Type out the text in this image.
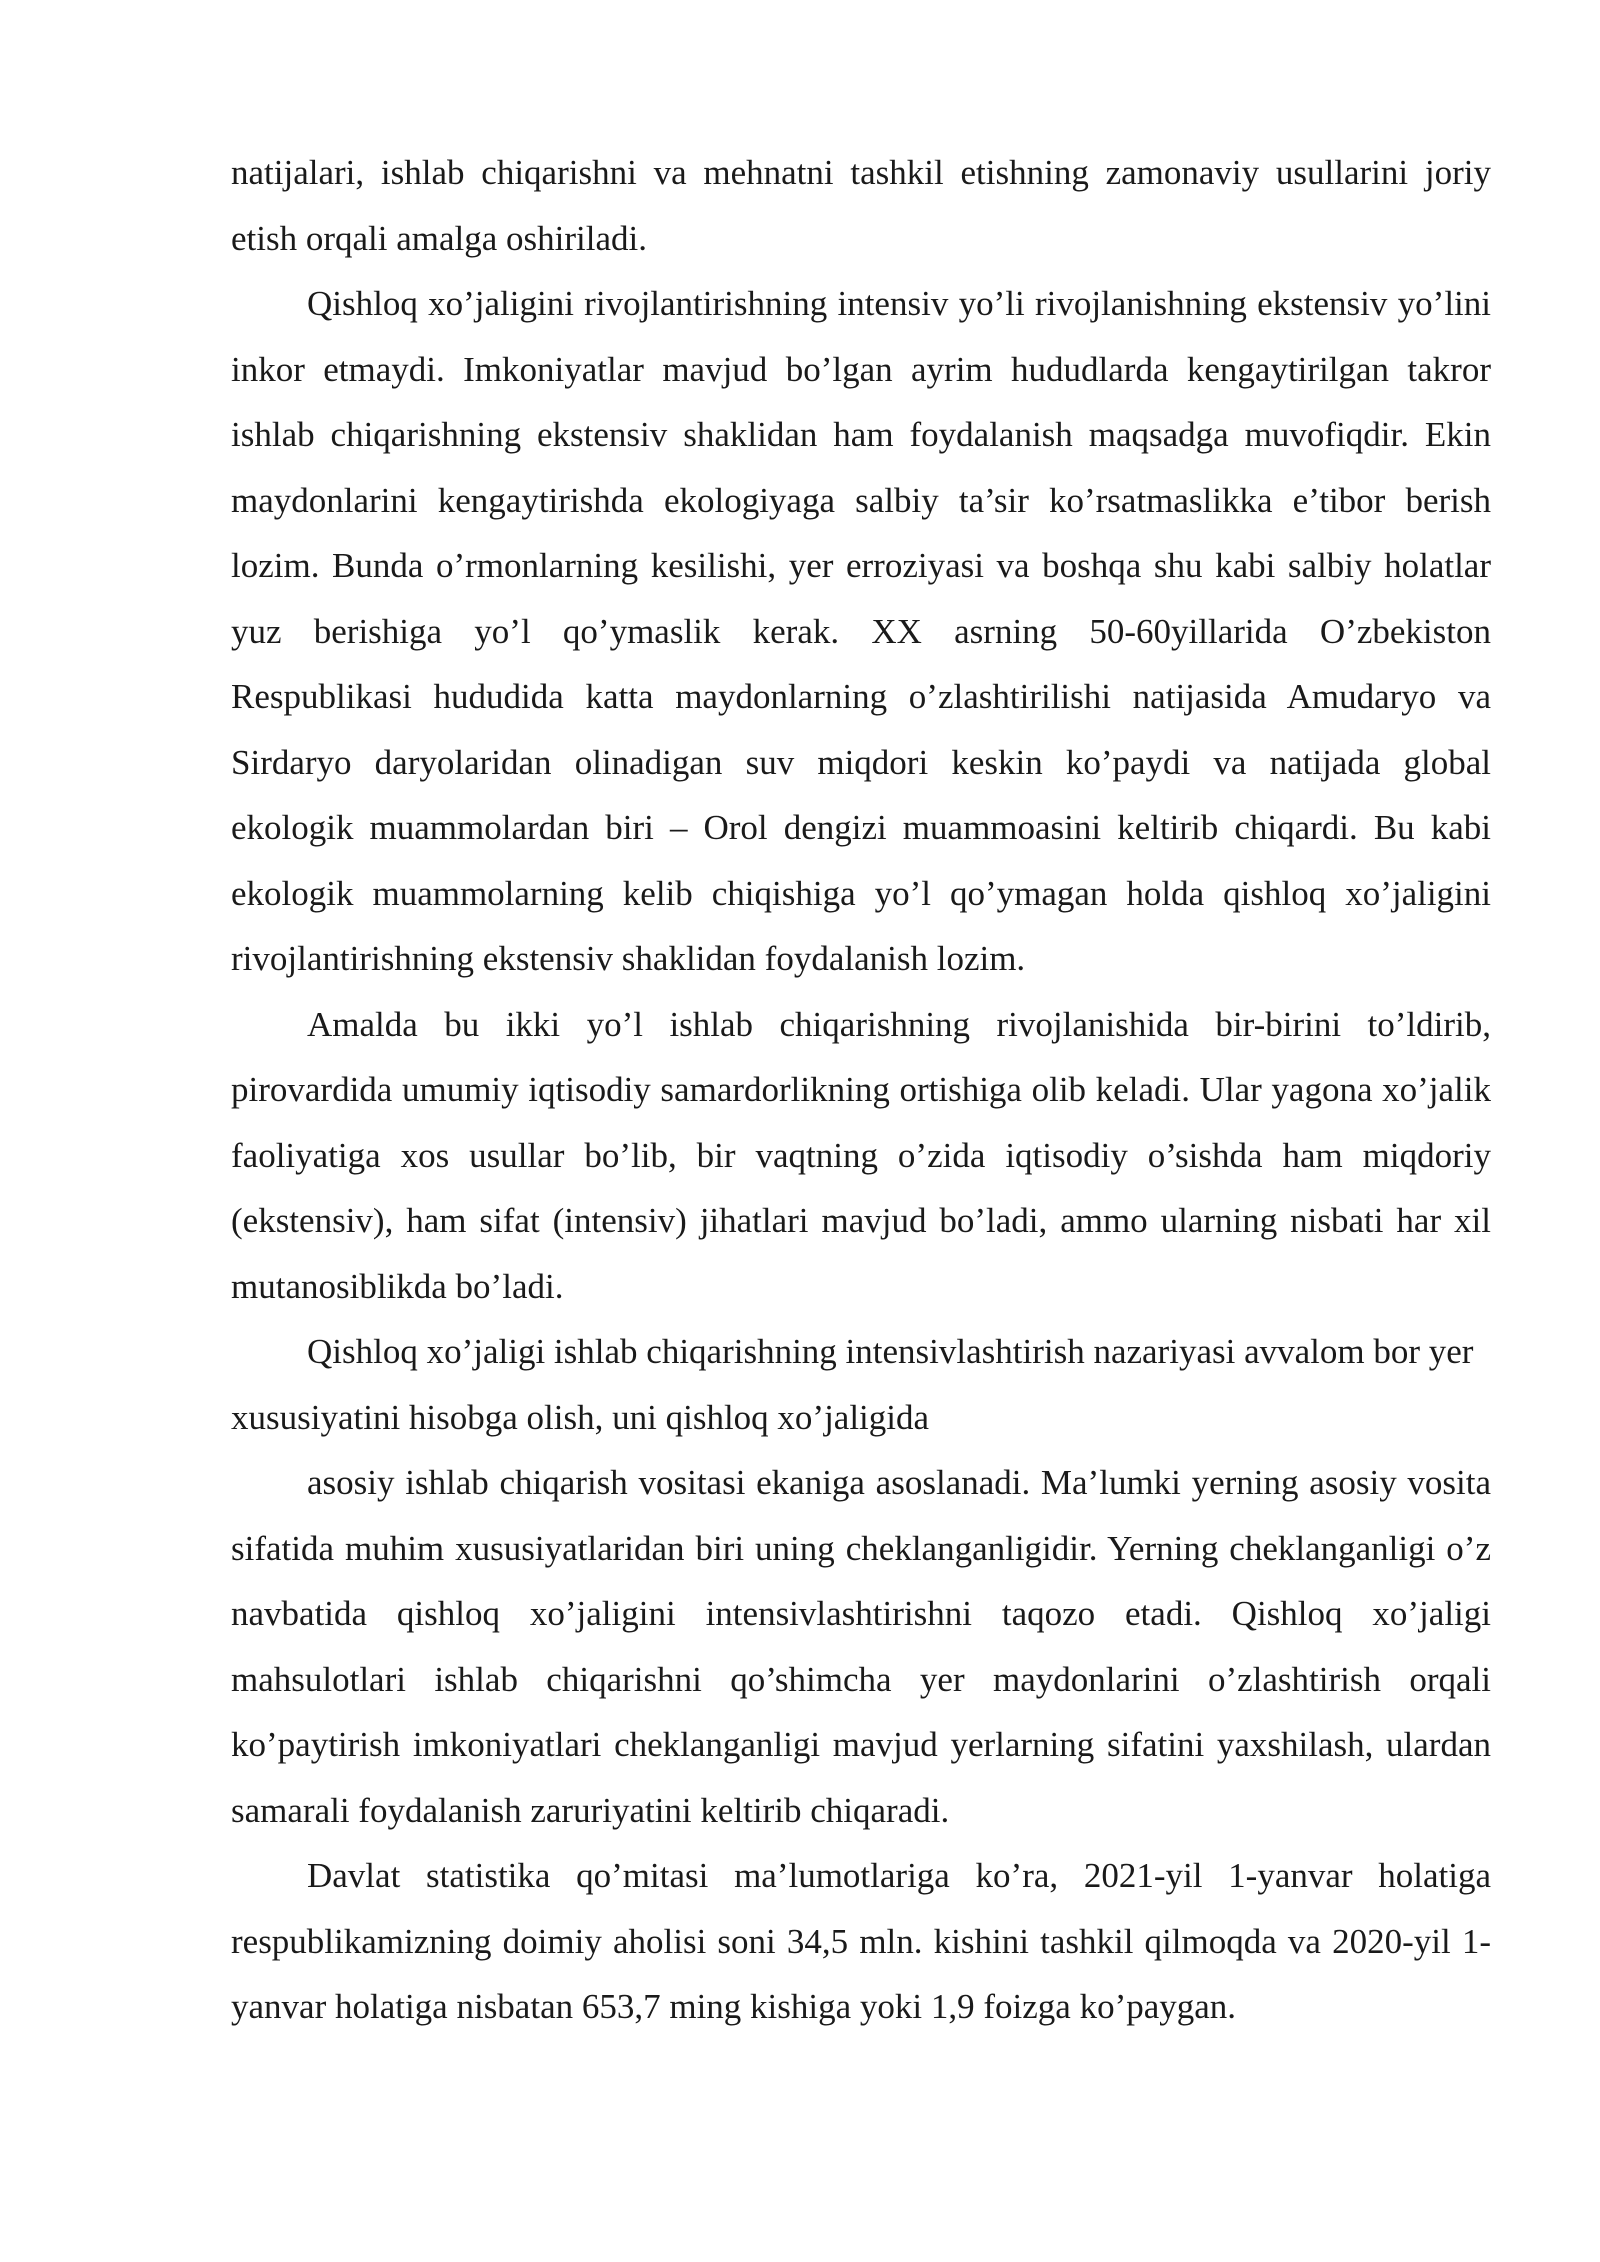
natijalari, ishlab chiqarishni va mehnatni tashkil etishning zamonaviy usullarini joriy etish orqali amalga oshiriladi.

Qishloq xo’jaligini rivojlantirishning intensiv yo’li rivojlanishning ekstensiv yo’lini inkor etmaydi. Imkoniyatlar mavjud bo’lgan ayrim hududlarda kengaytirilgan takror ishlab chiqarishning ekstensiv shaklidan ham foydalanish maqsadga muvofiqdir. Ekin maydonlarini kengaytirishda ekologiyaga salbiy ta’sir ko’rsatmaslikka e’tibor berish lozim. Bunda o’rmonlarning kesilishi, yer erroziyasi va boshqa shu kabi salbiy holatlar yuz berishiga yo’l qo’ymaslik kerak. XX asrning 50-60yillarida O’zbekiston Respublikasi hududida katta maydonlarning o’zlashtirilishi natijasida Amudaryo va Sirdaryo daryolaridan olinadigan suv miqdori keskin ko’paydi va natijada global ekologik muammolardan biri – Orol dengizi muammoasini keltirib chiqardi. Bu kabi ekologik muammolarning kelib chiqishiga yo’l qo’ymagan holda qishloq xo’jaligini rivojlantirishning ekstensiv shaklidan foydalanish lozim.

Amalda bu ikki yo’l ishlab chiqarishning rivojlanishida bir-birini to’ldirib, pirovardida umumiy iqtisodiy samardorlikning ortishiga olib keladi. Ular yagona xo’jalik faoliyatiga xos usullar bo’lib, bir vaqtning o’zida iqtisodiy o’sishda ham miqdoriy (ekstensiv), ham sifat (intensiv) jihatlari mavjud bo’ladi, ammo ularning nisbati har xil mutanosiblikda bo’ladi.

Qishloq xo’jaligi ishlab chiqarishning intensivlashtirish nazariyasi avvalom bor yer xususiyatini hisobga olish, uni qishloq xo’jaligida

asosiy ishlab chiqarish vositasi ekaniga asoslanadi. Ma’lumki yerning asosiy vosita sifatida muhim xususiyatlaridan biri uning cheklanganligidir. Yerning cheklanganligi o’z navbatida qishloq xo’jaligini intensivlashtirishni taqozo etadi. Qishloq xo’jaligi mahsulotlari ishlab chiqarishni qo’shimcha yer maydonlarini o’zlashtirish orqali ko’paytirish imkoniyatlari cheklanganligi mavjud yerlarning sifatini yaxshilash, ulardan samarali foydalanish zaruriyatini keltirib chiqaradi.

Davlat statistika qo’mitasi ma’lumotlariga ko’ra, 2021-yil 1-yanvar holatiga respublikamizning doimiy aholisi soni 34,5 mln. kishini tashkil qilmoqda va 2020-yil 1-yanvar holatiga nisbatan 653,7 ming kishiga yoki 1,9 foizga ko’paygan.
